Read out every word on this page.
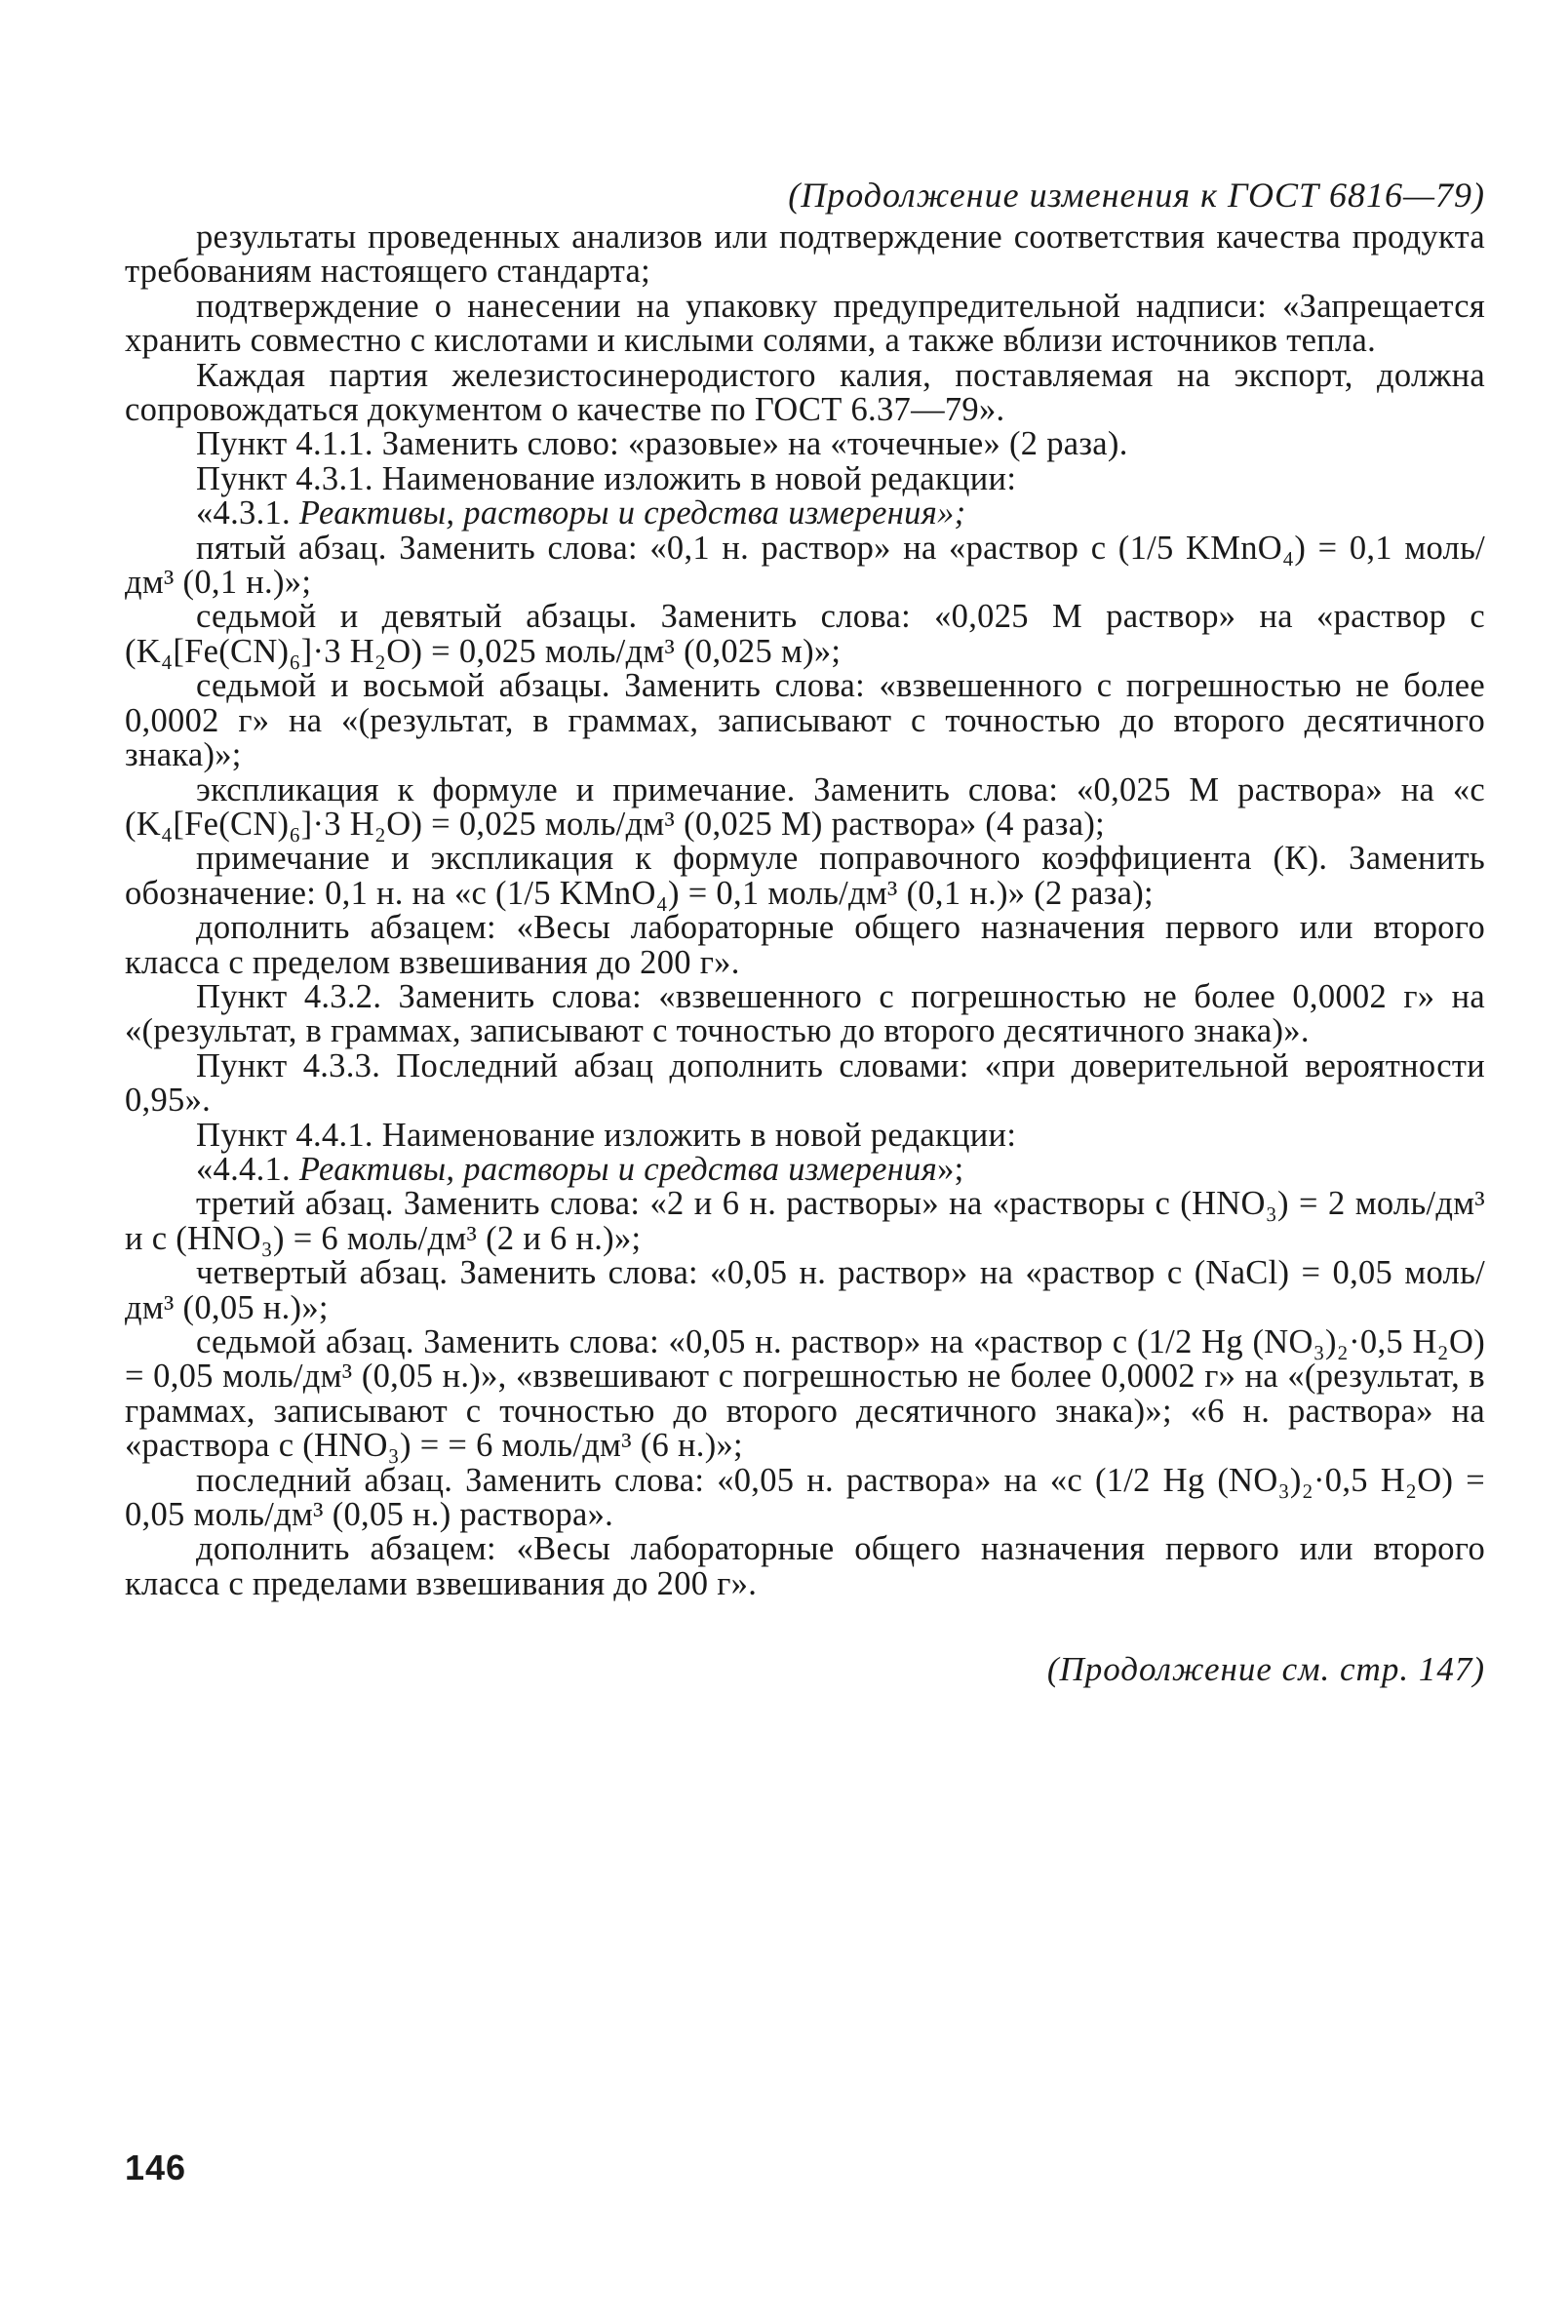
(Продолжение изменения к ГОСТ 6816—79)

результаты проведенных анализов или подтверждение соответствия качества продукта требованиям настоящего стандарта;

подтверждение о нанесении на упаковку предупредительной надписи: «Запрещается хранить совместно с кислотами и кислыми солями, а также вблизи источников тепла.

Каждая партия железистосинеродистого калия, поставляемая на экспорт, должна сопровождаться документом о качестве по ГОСТ 6.37—79».

Пункт 4.1.1. Заменить слово: «разовые» на «точечные» (2 раза).

Пункт 4.3.1. Наименование изложить в новой редакции:

«4.3.1. Реактивы, растворы и средства измерения»;

пятый абзац. Заменить слова: «0,1 н. раствор» на «раствор с (1/5 KMnO₄) = 0,1 моль/дм³ (0,1 н.)»;

седьмой и девятый абзацы. Заменить слова: «0,025 М раствор» на «раствор с (K₄[Fe(CN)₆]·3 H₂O) = 0,025 моль/дм³ (0,025 м)»;

седьмой и восьмой абзацы. Заменить слова: «взвешенного с погрешностью не более 0,0002 г» на «(результат, в граммах, записывают с точностью до второго десятичного знака)»;

экспликация к формуле и примечание. Заменить слова: «0,025 М раствора» на «с (K₄[Fe(CN)₆]·3 H₂O) = 0,025 моль/дм³ (0,025 М) раствора» (4 раза);

примечание и экспликация к формуле поправочного коэффициента (К). Заменить обозначение: 0,1 н. на «с (1/5 KMnO₄) = 0,1 моль/дм³ (0,1 н.)» (2 раза);

дополнить абзацем: «Весы лабораторные общего назначения первого или второго класса с пределом взвешивания до 200 г».

Пункт 4.3.2. Заменить слова: «взвешенного с погрешностью не более 0,0002 г» на «(результат, в граммах, записывают с точностью до второго десятичного знака)».

Пункт 4.3.3. Последний абзац дополнить словами: «при доверительной вероятности 0,95».

Пункт 4.4.1. Наименование изложить в новой редакции:

«4.4.1. Реактивы, растворы и средства измерения»;

третий абзац. Заменить слова: «2 и 6 н. растворы» на «растворы с (HNO₃) = 2 моль/дм³ и с (HNO₃) = 6 моль/дм³ (2 и 6 н.)»;

четвертый абзац. Заменить слова: «0,05 н. раствор» на «раствор с (NaCl) = 0,05 моль/дм³ (0,05 н.)»;

седьмой абзац. Заменить слова: «0,05 н. раствор» на «раствор с (1/2 Hg (NO₃)₂·0,5 H₂O) = 0,05 моль/дм³ (0,05 н.)», «взвешивают с погрешностью не более 0,0002 г» на «(результат, в граммах, записывают с точностью до второго десятичного знака)»; «6 н. раствора» на «раствора с (HNO₃) = = 6 моль/дм³ (6 н.)»;

последний абзац. Заменить слова: «0,05 н. раствора» на «с (1/2 Hg (NO₃)₂·0,5 H₂O) = 0,05 моль/дм³ (0,05 н.) раствора».

дополнить абзацем: «Весы лабораторные общего назначения первого или второго класса с пределами взвешивания до 200 г».

(Продолжение см. стр. 147)
146
